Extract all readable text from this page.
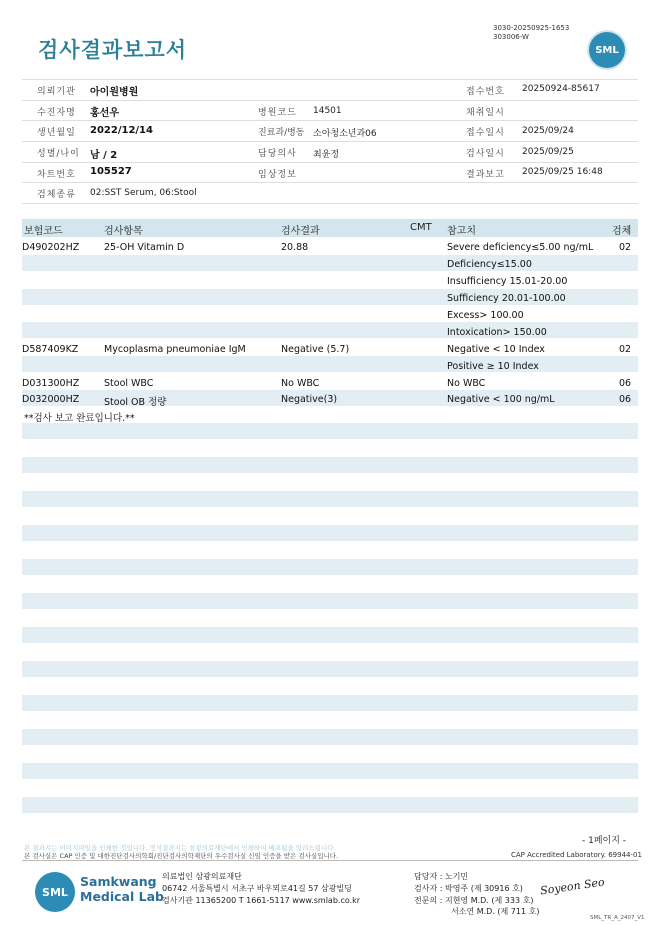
검사결과보고서
3030-20250925-1653
303006-W
SML
의뢰기관 아이원병원	접수번호 20250924-85617
수진자명 홍선우	병원코드 14501	채취일시
생년월일 2022/12/14	진료과/병동 소아청소년과06	접수일시 2025/09/24
성별/나이 남 / 2	담당의사 최윤정	검사일시 2025/09/25
차트번호 105527	임상정보	결과보고 2025/09/25 16:48
검체종류 02:SST Serum, 06:Stool
보험코드	검사항목	검사결과	CMT 참고치	검체
D490202HZ	25-OH Vitamin D	20.88	Severe deficiency≤5.00 ng/mL	02
Deficiency≤15.00
Insufficiency 15.01-20.00
Sufficiency 20.01-100.00
Excess> 100.00
Intoxication> 150.00
D587409KZ	Mycoplasma pneumoniae IgM	Negative (5.7)	Negative < 10 Index	02
Positive ≥ 10 Index
D031300HZ	Stool WBC	No WBC	No WBC	06
D032000HZ	Stool OB 정량	Negative(3)	Negative < 100 ng/mL	06
**검사 보고 완료입니다.**
- 1페이지 -
본 결과지는 이미지파일을 인쇄한 것입니다. 정식결과지는 삼광의료재단에서 인쇄하여 배포됨을 알려드립니다.
본 검사실은 CAP 인증 및 대한진단검사의학회/진단검사의학재단의 우수검사실 신임 인증을 받은 검사실입니다.	CAP Accredited Laboratory. 69944-01
SML
Samkwang
Medical Lab
의료법인 삼광의료재단
06742 서울특별시 서초구 바우뫼로41길 57 삼광빌딩
검사기관 11365200 T 1661-5117 www.smlab.co.kr
담당자 : 노기민
검사자 : 박영주 (제 30916 호)
전문의 : 지현영 M.D. (제 333 호)
서소연 M.D. (제 711 호)
Soyeon Seo
SML_TR_A_2407_V1
